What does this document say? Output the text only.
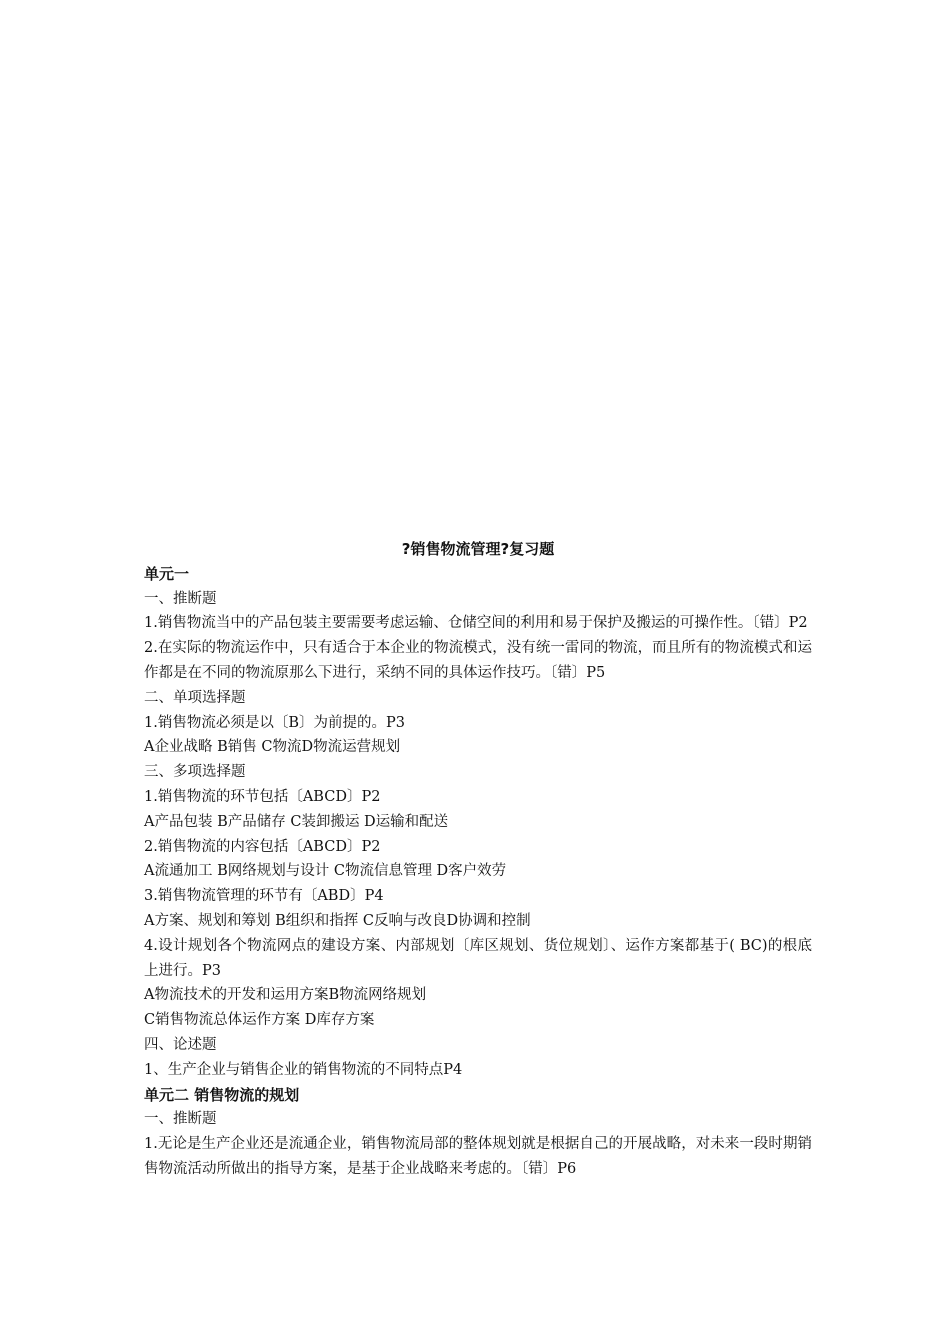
?销售物流管理?复习题
单元一
一、推断题
1.销售物流当中的产品包装主要需要考虑运输、仓储空间的利用和易于保护及搬运的可操作性。〔错〕P2
2.在实际的物流运作中，只有适合于本企业的物流模式，没有统一雷同的物流，而且所有的物流模式和运作都是在不同的物流原那么下进行，采纳不同的具体运作技巧。〔错〕P5
二、单项选择题
1.销售物流必须是以〔B〕为前提的。P3
A企业战略 B销售 C物流D物流运营规划
三、多项选择题
1.销售物流的环节包括〔ABCD〕P2
A产品包装 B产品储存 C装卸搬运 D运输和配送
2.销售物流的内容包括〔ABCD〕P2
A流通加工 B网络规划与设计 C物流信息管理 D客户效劳
3.销售物流管理的环节有〔ABD〕P4
A方案、规划和筹划 B组织和指挥 C反响与改良D协调和控制
4.设计规划各个物流网点的建设方案、内部规划〔库区规划、货位规划〕、运作方案都基于( BC)的根底上进行。P3
A物流技术的开发和运用方案B物流网络规划
C销售物流总体运作方案 D库存方案
四、论述题
1、生产企业与销售企业的销售物流的不同特点P4
单元二 销售物流的规划
一、推断题
1.无论是生产企业还是流通企业，销售物流局部的整体规划就是根据自己的开展战略，对未来一段时期销售物流活动所做出的指导方案，是基于企业战略来考虑的。〔错〕P6
